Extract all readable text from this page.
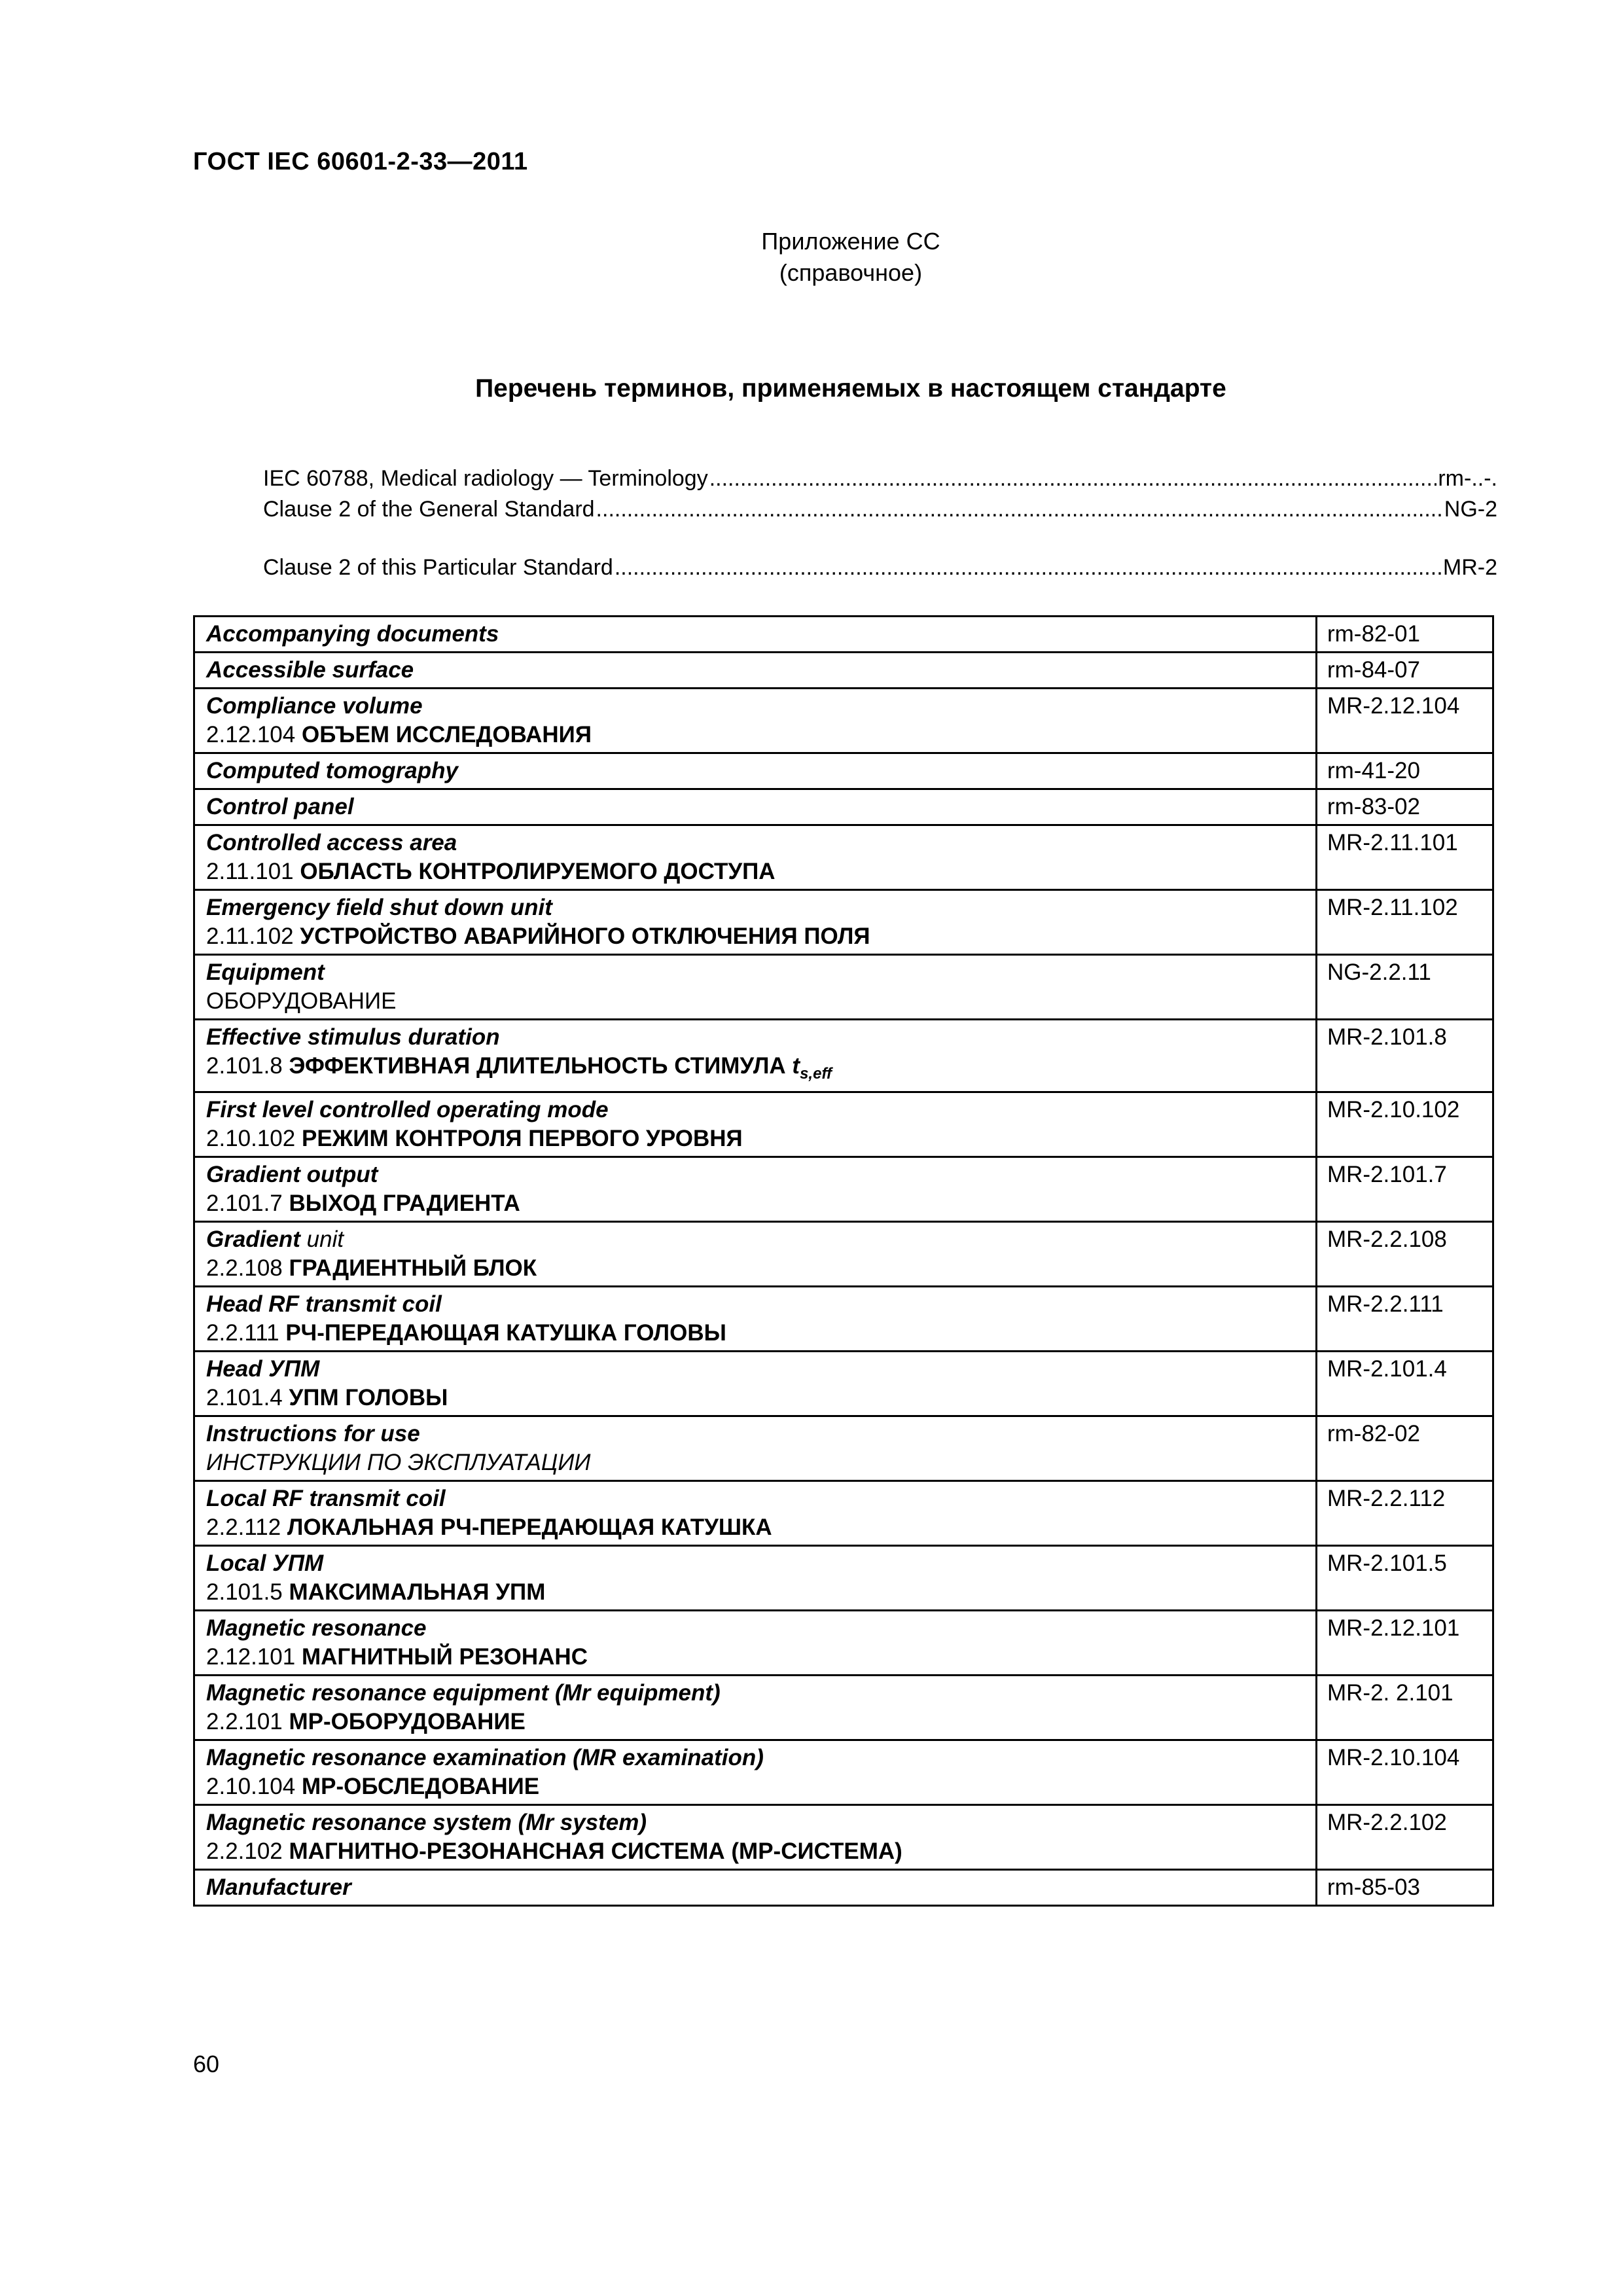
ГОСТ IEC 60601-2-33—2011
Приложение СС
(справочное)
Перечень терминов, применяемых в настоящем стандарте
IEC 60788, Medical radiology — Terminology .....	rm-..-.
Clause 2 of the General Standard .....	NG-2
Clause 2 of this Particular Standard .....	MR-2
Accompanying documents	rm-82-01

Accessible surface	rm-84-07

Compliance volume
2.12.104 ОБЪЕМ ИССЛЕДОВАНИЯ	MR-2.12.104

Computed tomography	rm-41-20

Control panel	rm-83-02

Controlled access area
2.11.101 ОБЛАСТЬ КОНТРОЛИРУЕМОГО ДОСТУПА	MR-2.11.101

Emergency field shut down unit
2.11.102 УСТРОЙСТВО АВАРИЙНОГО ОТКЛЮЧЕНИЯ ПОЛЯ	MR-2.11.102

Equipment
ОБОРУДОВАНИЕ	NG-2.2.11

Effective stimulus duration
2.101.8 ЭФФЕКТИВНАЯ ДЛИТЕЛЬНОСТЬ СТИМУЛА $t_{s,eff}$	MR-2.101.8

First level controlled operating mode
2.10.102 РЕЖИМ КОНТРОЛЯ ПЕРВОГО УРОВНЯ	MR-2.10.102

Gradient output
2.101.7 ВЫХОД ГРАДИЕНТА	MR-2.101.7

Gradient unit
2.2.108 ГРАДИЕНТНЫЙ БЛОК	MR-2.2.108

Head RF transmit coil
2.2.111 РЧ-ПЕРЕДАЮЩАЯ КАТУШКА ГОЛОВЫ	MR-2.2.111

Head УПМ
2.101.4 УПМ ГОЛОВЫ	MR-2.101.4

Instructions for use
ИНСТРУКЦИИ ПО ЭКСПЛУАТАЦИИ	rm-82-02

Local RF transmit coil
2.2.112 ЛОКАЛЬНАЯ РЧ-ПЕРЕДАЮЩАЯ КАТУШКА	MR-2.2.112

Local УПМ
2.101.5 МАКСИМАЛЬНАЯ УПМ	MR-2.101.5

Magnetic resonance
2.12.101 МАГНИТНЫЙ РЕЗОНАНС	MR-2.12.101

Magnetic resonance equipment (Mr equipment)
2.2.101 МР-ОБОРУДОВАНИЕ	MR-2. 2.101

Magnetic resonance examination (MR examination)
2.10.104 МР-ОБСЛЕДОВАНИЕ	MR-2.10.104

Magnetic resonance system (Mr system)
2.2.102 МАГНИТНО-РЕЗОНАНСНАЯ СИСТЕМА (МР-СИСТЕМА)	MR-2.2.102

Manufacturer	rm-85-03
60
